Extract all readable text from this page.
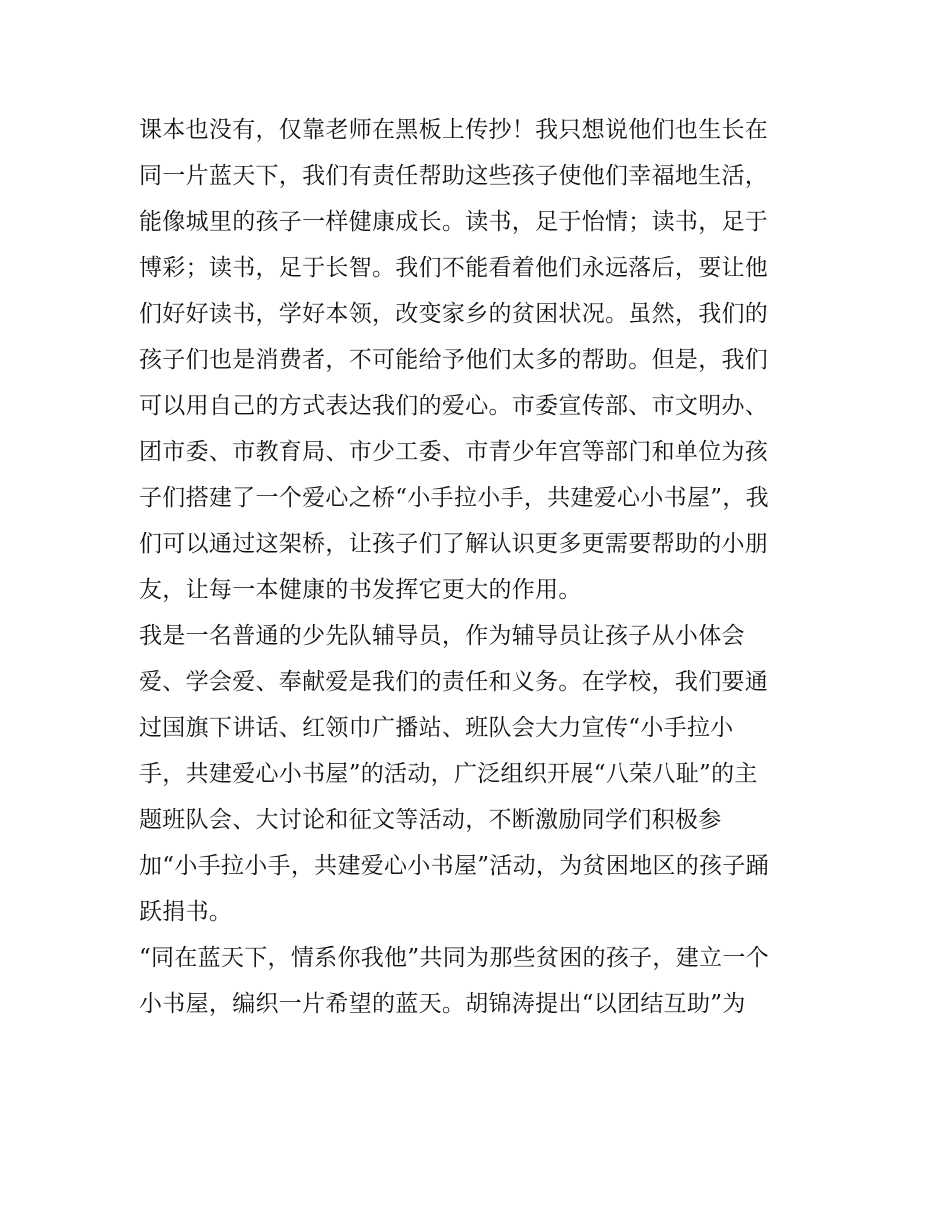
课本也没有，仅靠老师在黑板上传抄！我只想说他们也生长在
同一片蓝天下，我们有责任帮助这些孩子使他们幸福地生活，
能像城里的孩子一样健康成长。读书，足于怡情；读书，足于
博彩；读书，足于长智。我们不能看着他们永远落后，要让他
们好好读书，学好本领，改变家乡的贫困状况。虽然，我们的
孩子们也是消费者，不可能给予他们太多的帮助。但是，我们
可以用自己的方式表达我们的爱心。市委宣传部、市文明办、
团市委、市教育局、市少工委、市青少年宫等部门和单位为孩
子们搭建了一个爱心之桥“小手拉小手，共建爱心小书屋”，我
们可以通过这架桥，让孩子们了解认识更多更需要帮助的小朋
友，让每一本健康的书发挥它更大的作用。
我是一名普通的少先队辅导员，作为辅导员让孩子从小体会
爱、学会爱、奉献爱是我们的责任和义务。在学校，我们要通
过国旗下讲话、红领巾广播站、班队会大力宣传“小手拉小
手，共建爱心小书屋”的活动，广泛组织开展“八荣八耻”的主
题班队会、大讨论和征文等活动，不断激励同学们积极参
加“小手拉小手，共建爱心小书屋”活动，为贫困地区的孩子踊
跃捐书。
“同在蓝天下，情系你我他”共同为那些贫困的孩子，建立一个
小书屋，编织一片希望的蓝天。胡锦涛提出“以团结互助”为
